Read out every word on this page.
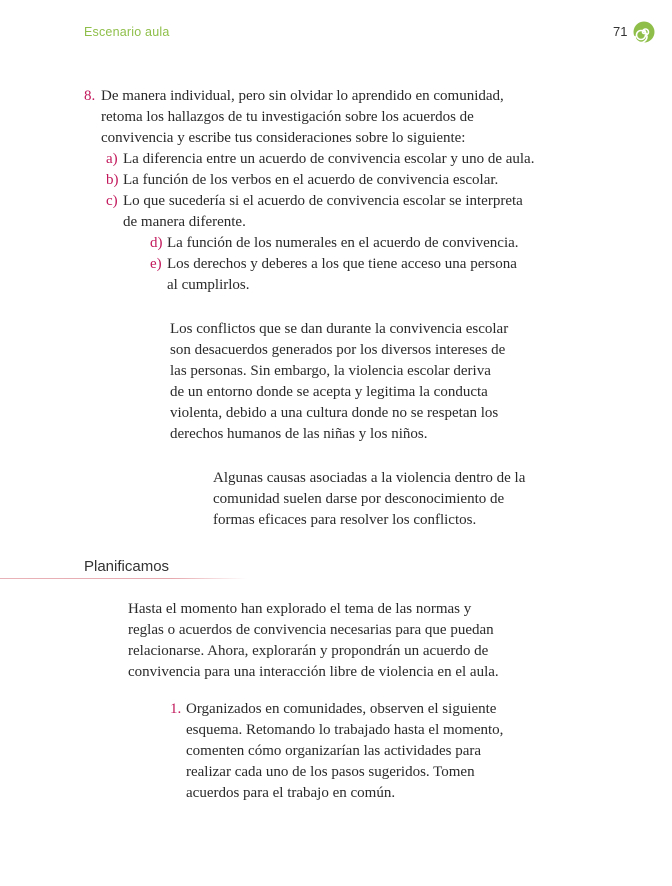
Escenario aula	71
8. De manera individual, pero sin olvidar lo aprendido en comunidad,

retoma los hallazgos de tu investigación sobre los acuerdos de

convivencia y escribe tus consideraciones sobre lo siguiente:

a) La diferencia entre un acuerdo de convivencia escolar y uno de aula.

b) La función de los verbos en el acuerdo de convivencia escolar.

c) Lo que sucedería si el acuerdo de convivencia escolar se interpreta

de manera diferente.

d) La función de los numerales en el acuerdo de convivencia.

e) Los derechos y deberes a los que tiene acceso una persona

al cumplirlos.

Los conflictos que se dan durante la convivencia escolar

son desacuerdos generados por los diversos intereses de

las personas. Sin embargo, la violencia escolar deriva

de un entorno donde se acepta y legitima la conducta

violenta, debido a una cultura donde no se respetan los

derechos humanos de las niñas y los niños.

Algunas causas asociadas a la violencia dentro de la

comunidad suelen darse por desconocimiento de

formas eficaces para resolver los conflictos.

Planificamos

Hasta el momento han explorado el tema de las normas y

reglas o acuerdos de convivencia necesarias para que puedan

relacionarse. Ahora, explorarán y propondrán un acuerdo de

convivencia para una interacción libre de violencia en el aula.

1. Organizados en comunidades, observen el siguiente

esquema. Retomando lo trabajado hasta el momento,

comenten cómo organizarían las actividades para

realizar cada uno de los pasos sugeridos. Tomen

acuerdos para el trabajo en común.
